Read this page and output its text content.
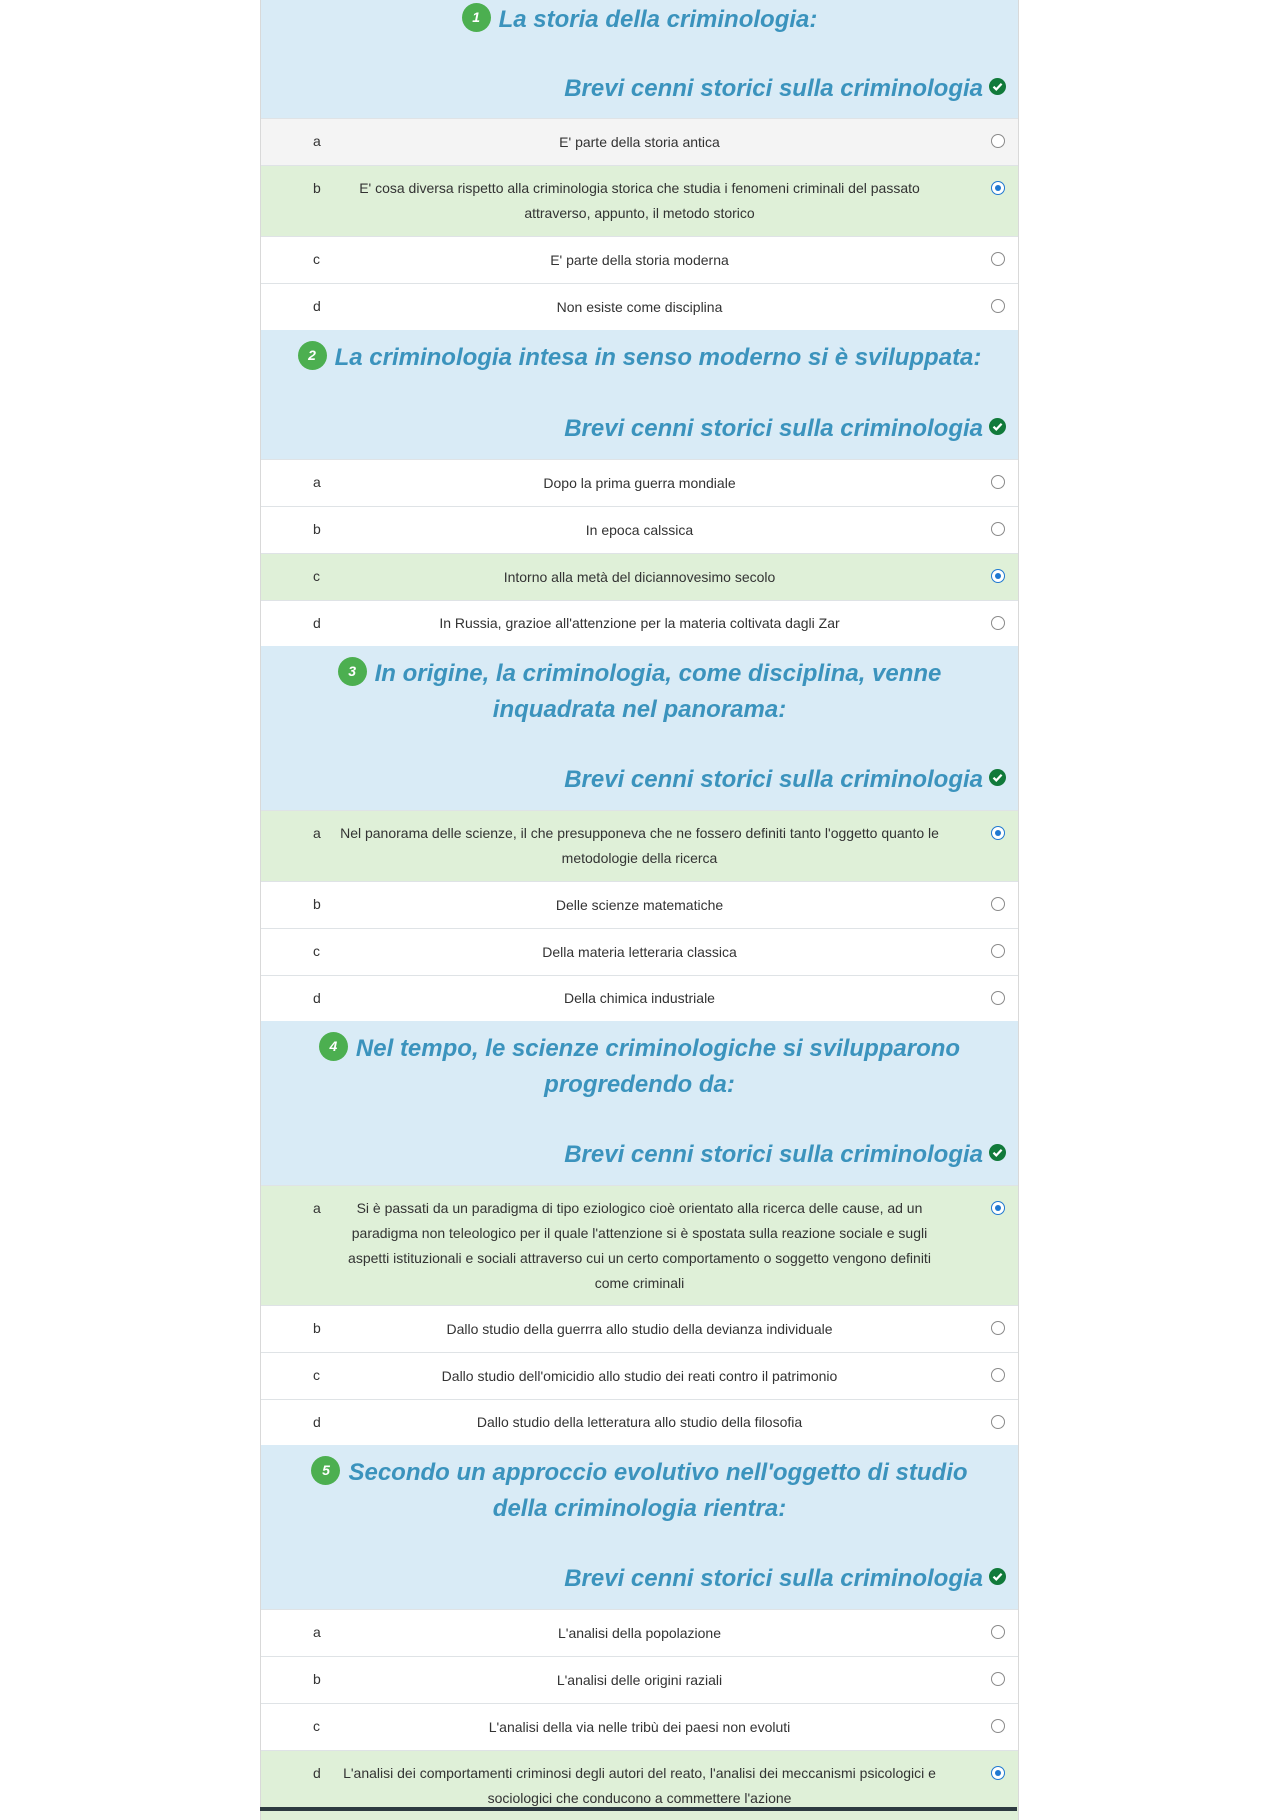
1 La storia della criminologia:
Brevi cenni storici sulla criminologia
a	E' parte della storia antica
b	E' cosa diversa rispetto alla criminologia storica che studia i fenomeni criminali del passato attraverso, appunto, il metodo storico
c	E' parte della storia moderna
d	Non esiste come disciplina
2 La criminologia intesa in senso moderno si è sviluppata:
Brevi cenni storici sulla criminologia
a	Dopo la prima guerra mondiale
b	In epoca calssica
c	Intorno alla metà del diciannovesimo secolo
d	In Russia, grazioe all'attenzione per la materia coltivata dagli Zar
3 In origine, la criminologia, come disciplina, venne inquadrata nel panorama:
Brevi cenni storici sulla criminologia
a	Nel panorama delle scienze, il che presupponeva che ne fossero definiti tanto l'oggetto quanto le metodologie della ricerca
b	Delle scienze matematiche
c	Della materia letteraria classica
d	Della chimica industriale
4 Nel tempo, le scienze criminologiche si svilupparono progredendo da:
Brevi cenni storici sulla criminologia
a	Si è passati da un paradigma di tipo eziologico cioè orientato alla ricerca delle cause, ad un paradigma non teleologico per il quale l'attenzione si è spostata sulla reazione sociale e sugli aspetti istituzionali e sociali attraverso cui un certo comportamento o soggetto vengono definiti come criminali
b	Dallo studio della guerrra allo studio della devianza individuale
c	Dallo studio dell'omicidio allo studio dei reati contro il patrimonio
d	Dallo studio della letteratura allo studio della filosofia
5 Secondo un approccio evolutivo nell'oggetto di studio della criminologia rientra:
Brevi cenni storici sulla criminologia
a	L'analisi della popolazione
b	L'analisi delle origini raziali
c	L'analisi della via nelle tribù dei paesi non evoluti
d	L'analisi dei comportamenti criminosi degli autori del reato, l'analisi dei meccanismi psicologici e sociologici che conducono a commettere l'azione
